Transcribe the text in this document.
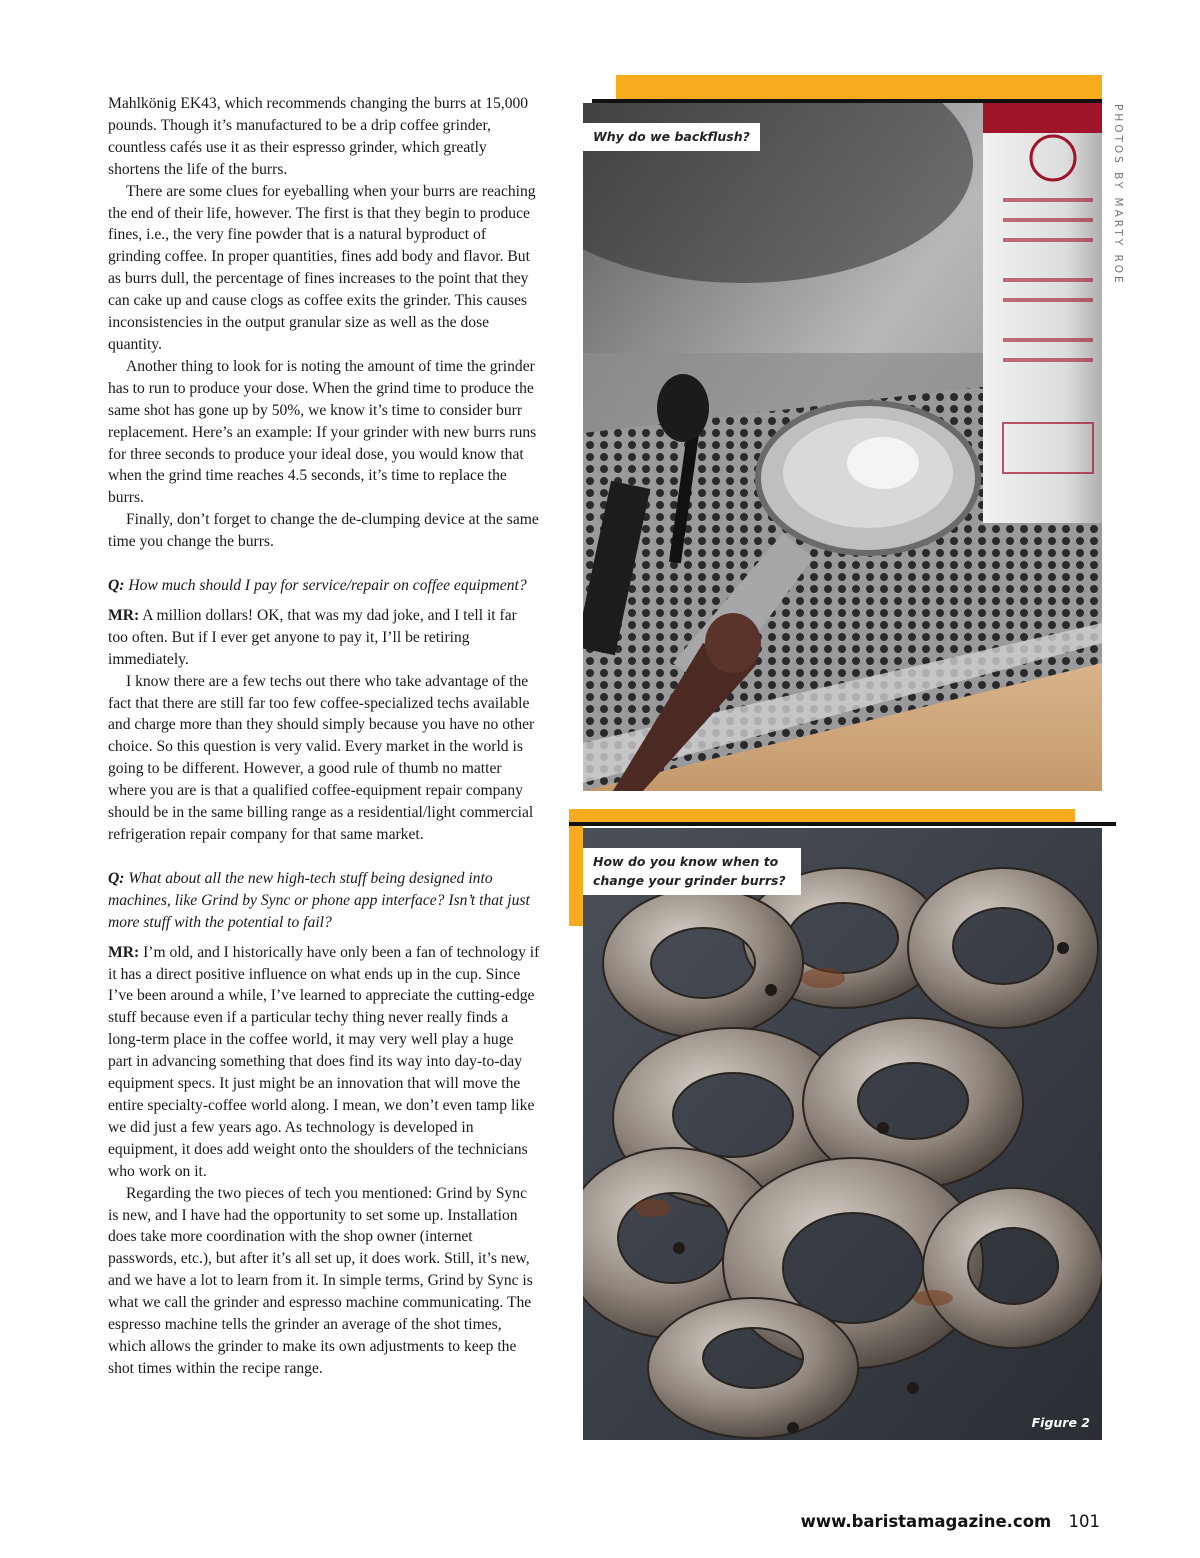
Mahlkönig EK43, which recommends changing the burrs at 15,000 pounds. Though it’s manufactured to be a drip coffee grinder, countless cafés use it as their espresso grinder, which greatly shortens the life of the burrs.

There are some clues for eyeballing when your burrs are reaching the end of their life, however. The first is that they begin to produce fines, i.e., the very fine powder that is a natural byproduct of grinding coffee. In proper quantities, fines add body and flavor. But as burrs dull, the percentage of fines increases to the point that they can cake up and cause clogs as coffee exits the grinder. This causes inconsistencies in the output granular size as well as the dose quantity.

Another thing to look for is noting the amount of time the grinder has to run to produce your dose. When the grind time to produce the same shot has gone up by 50%, we know it’s time to consider burr replacement. Here’s an example: If your grinder with new burrs runs for three seconds to produce your ideal dose, you would know that when the grind time reaches 4.5 seconds, it’s time to replace the burrs.

Finally, don’t forget to change the de-clumping device at the same time you change the burrs.

Q: How much should I pay for service/repair on coffee equipment?

MR: A million dollars! OK, that was my dad joke, and I tell it far too often. But if I ever get anyone to pay it, I’ll be retiring immediately.

I know there are a few techs out there who take advantage of the fact that there are still far too few coffee-specialized techs available and charge more than they should simply because you have no other choice. So this question is very valid. Every market in the world is going to be different. However, a good rule of thumb no matter where you are is that a qualified coffee-equipment repair company should be in the same billing range as a residential/light commercial refrigeration repair company for that same market.

Q: What about all the new high-tech stuff being designed into machines, like Grind by Sync or phone app interface? Isn’t that just more stuff with the potential to fail?

MR: I’m old, and I historically have only been a fan of technology if it has a direct positive influence on what ends up in the cup. Since I’ve been around a while, I’ve learned to appreciate the cutting-edge stuff because even if a particular techy thing never really finds a long-term place in the coffee world, it may very well play a huge part in advancing something that does find its way into day-to-day equipment specs. It just might be an innovation that will move the entire specialty-coffee world along. I mean, we don’t even tamp like we did just a few years ago. As technology is developed in equipment, it does add weight onto the shoulders of the technicians who work on it.

Regarding the two pieces of tech you mentioned: Grind by Sync is new, and I have had the opportunity to set some up. Installation does take more coordination with the shop owner (internet passwords, etc.), but after it’s all set up, it does work. Still, it’s new, and we have a lot to learn from it. In simple terms, Grind by Sync is what we call the grinder and espresso machine communicating. The espresso machine tells the grinder an average of the shot times, which allows the grinder to make its own adjustments to keep the shot times within the recipe range.

Why do we backflush?
How do you know when to change your grinder burrs?
Figure 2
PHOTOS BY MARTY ROE
www.baristamagazine.com 101
